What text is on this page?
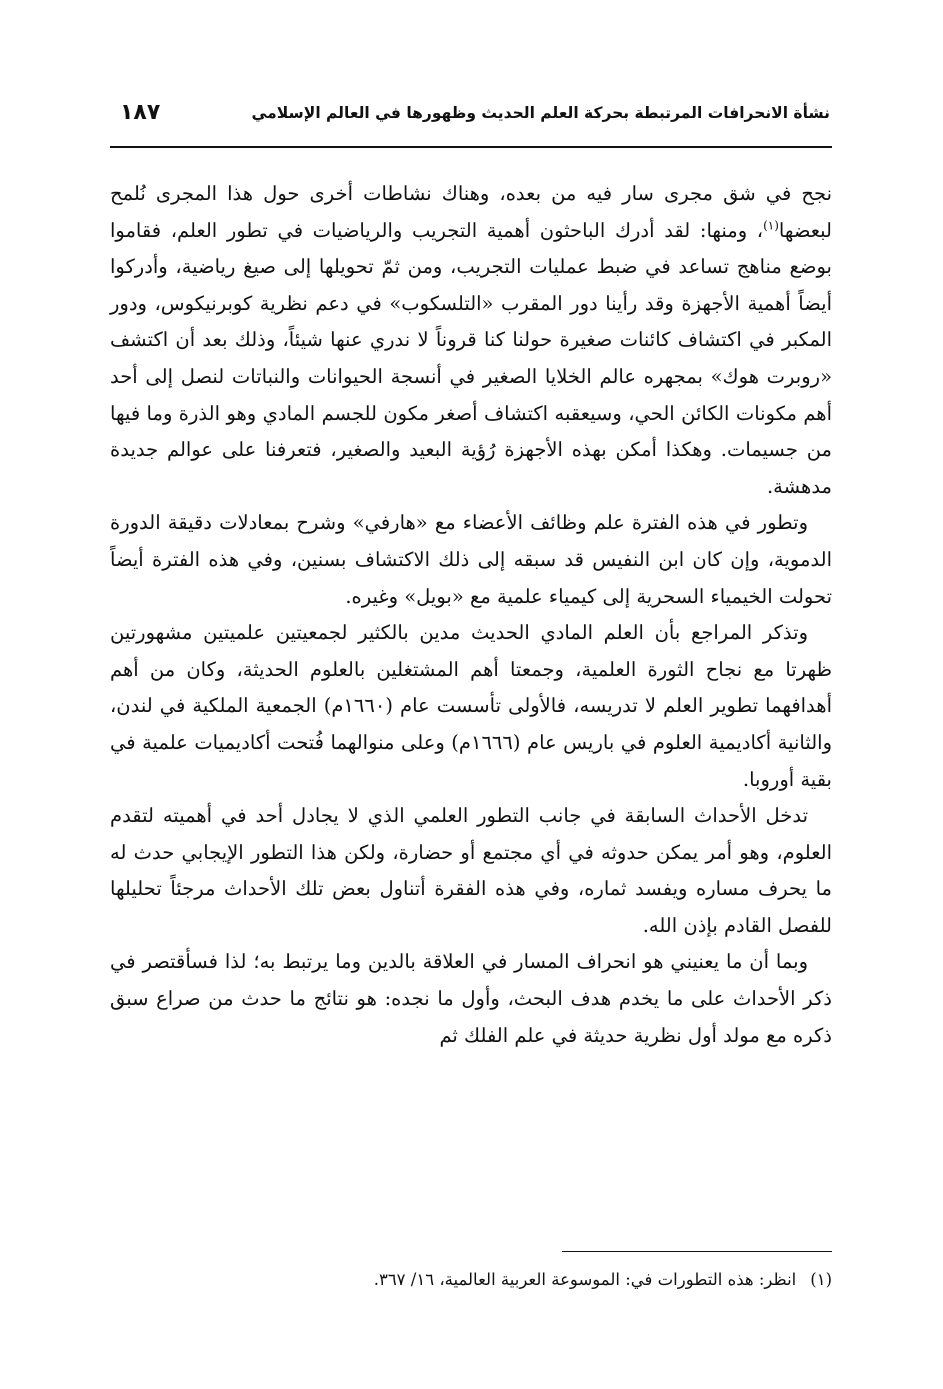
نشأة الانحرافات المرتبطة بحركة العلم الحديث وظهورها في العالم الإسلامي
١٨٧

نجح في شق مجرى سار فيه من بعده، وهناك نشاطات أخرى حول هذا المجرى نُلمح لبعضها$^{(١)}$، ومنها: لقد أدرك الباحثون أهمية التجريب والرياضيات في تطور العلم، فقاموا بوضع مناهج تساعد في ضبط عمليات التجريب، ومن ثمّ تحويلها إلى صيغ رياضية، وأدركوا أيضاً أهمية الأجهزة وقد رأينا دور المقرب «التلسكوب» في دعم نظرية كوبرنيكوس، ودور المكبر في اكتشاف كائنات صغيرة حولنا كنا قروناً لا ندري عنها شيئاً، وذلك بعد أن اكتشف «روبرت هوك» بمجهره عالم الخلايا الصغير في أنسجة الحيوانات والنباتات لنصل إلى أحد أهم مكونات الكائن الحي، وسيعقبه اكتشاف أصغر مكون للجسم المادي وهو الذرة وما فيها من جسيمات. وهكذا أمكن بهذه الأجهزة رُؤية البعيد والصغير، فتعرفنا على عوالم جديدة مدهشة.

وتطور في هذه الفترة علم وظائف الأعضاء مع «هارفي» وشرح بمعادلات دقيقة الدورة الدموية، وإن كان ابن النفيس قد سبقه إلى ذلك الاكتشاف بسنين، وفي هذه الفترة أيضاً تحولت الخيمياء السحرية إلى كيمياء علمية مع «بويل» وغيره.

وتذكر المراجع بأن العلم المادي الحديث مدين بالكثير لجمعيتين علميتين مشهورتين ظهرتا مع نجاح الثورة العلمية، وجمعتا أهم المشتغلين بالعلوم الحديثة، وكان من أهم أهدافهما تطوير العلم لا تدريسه، فالأولى تأسست عام (١٦٦٠م) الجمعية الملكية في لندن، والثانية أكاديمية العلوم في باريس عام (١٦٦٦م) وعلى منوالهما فُتحت أكاديميات علمية في بقية أوروبا.

تدخل الأحداث السابقة في جانب التطور العلمي الذي لا يجادل أحد في أهميته لتقدم العلوم، وهو أمر يمكن حدوثه في أي مجتمع أو حضارة، ولكن هذا التطور الإيجابي حدث له ما يحرف مساره ويفسد ثماره، وفي هذه الفقرة أتناول بعض تلك الأحداث مرجئاً تحليلها للفصل القادم بإذن الله.

وبما أن ما يعنيني هو انحراف المسار في العلاقة بالدين وما يرتبط به؛ لذا فسأقتصر في ذكر الأحداث على ما يخدم هدف البحث، وأول ما نجده: هو نتائج ما حدث من صراع سبق ذكره مع مولد أول نظرية حديثة في علم الفلك ثم

(١)انظر: هذه التطورات في: الموسوعة العربية العالمية، ١٦/ ٣٦٧.
